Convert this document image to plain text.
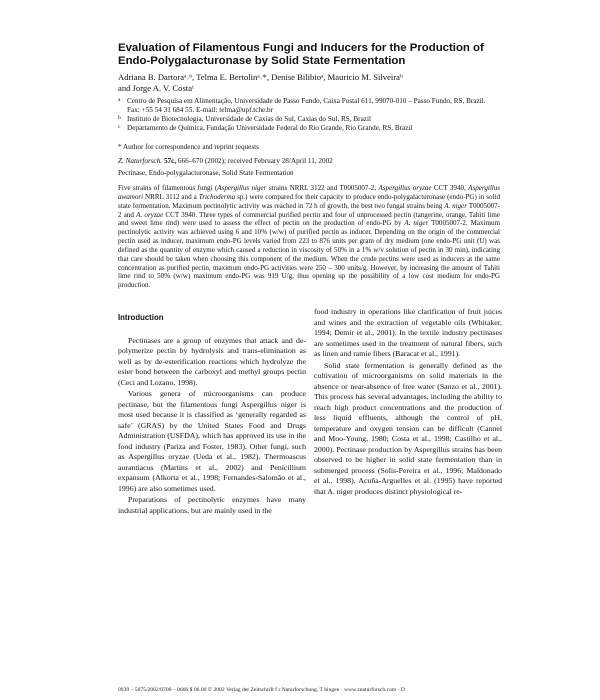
Evaluation of Filamentous Fungi and Inducers for the Production of Endo-Polygalacturonase by Solid State Fermentation
Adriana B. Dartoraᵃ˒ᵇ, Telma E. Bertolinᵃ˒*, Denise Bilibioᵃ, Mauricio M. Silveiraᵇ
and Jorge A. V. Costaᶜ
a Centro de Pesquisa em Alimentação, Universidade de Passo Fundo, Caixa Postal 611, 99070-010 – Passo Fundo, RS, Brazil. Fax: +55 54 31 684 55. E-mail: telma@upf.tche.br
b Instituto de Biotecnologia, Universidade de Caxias do Sul, Caxias do Sul, RS, Brazil
c Departamento de Química, Fundação Universidade Federal do Rio Grande, Rio Grande, RS, Brazil
* Author for correspondence and reprint requests
Z. Naturforsch. 57c, 666–670 (2002); received February 28/April 11, 2002
Pectinase, Endo-polygalacturonase, Solid State Fermentation
Five strains of filamentous fungi (Aspergillus niger strains NRRL 3122 and T0005007-2, Aspergillus oryzae CCT 3940, Aspergillus awamori NRRL 3112 and a Trichoderma sp.) were compared for their capacity to produce endo-polygalacturonase (endo-PG) in solid state fermentation. Maximum pectinolytic activity was reached in 72 h of growth, the best two fungal strains being A. niger T0005007-2 and A. oryzae CCT 3940. Three types of commercial purified pectin and four of unprocessed pectin (tangerine, orange, Tahiti lime and sweet lime rind) were used to assess the effect of pectin on the production of endo-PG by A. niger T0005007-2. Maximum pectinolytic activity was achieved using 6 and 10% (w/w) of purified pectin as inducer. Depending on the origin of the commercial pectin used as inducer, maximum endo-PG levels varied from 223 to 876 units per gram of dry medium (one endo-PG unit (U) was defined as the quantity of enzyme which caused a reduction in viscosity of 50% in a 1% w/v solution of pectin in 30 min), indicating that care should be taken when choosing this component of the medium. When the crude pectins were used as inducers at the same concentration as purified pectin, maximum endo-PG activities were 250 – 300 units/g. However, by increasing the amount of Tahiti lime rind to 50% (w/w) maximum endo-PG was 919 U/g, thus opening up the possibility of a low cost medium for endo-PG production.
Introduction

Pectinases are a group of enzymes that attack and de-polymerize pectin by hydrolysis and trans-elimination as well as by de-esterification reactions which hydrolyze the ester bond between the carboxyl and methyl groups pectin (Ceci and Lozano, 1998).

Various genera of microorganisms can produce pectinase, but the filamentous fungi Aspergillus niger is most used because it is classified as ‘generally regarded as safe’ (GRAS) by the United States Food and Drugs Administration (USFDA), which has approved its use in the food industry (Pariza and Foster, 1983). Other fungi, such as Aspergillus oryzae (Ueda et al., 1982), Thermoascus aurantiacus (Martins et al., 2002) and Penicillium expansum (Alkorta et al., 1998; Fernandes-Salomão et al., 1996) are also sometimes used.

Preparations of pectinolytic enzymes have many industrial applications, but are mainly used in the

food industry in operations like clarification of fruit juices and wines and the extraction of vegetable oils (Whitaker, 1994; Demir et al., 2001). In the textile industry pectinases are sometimes used in the treatment of natural fibers, such as linen and ramie fibers (Baracat et al., 1991).

Solid state fermentation is generally defined as the cultivation of microorganisms on solid materials in the absence or near-absence of free water (Sanzo et al., 2001). This process has several advantages, including the ability to reach high product concentrations and the production of less liquid effluents, although the control of pH, temperature and oxygen tension can be difficult (Cannel and Moo-Young, 1980; Costa et al., 1998; Castilho et al., 2000). Pectinase production by Aspergillus strains has been observed to be higher in solid state fermentation than in submerged process (Solis-Pereira et al., 1996; Maldonado et al., 1998). Acuña-Arguelles et al. (1995) have reported that A. niger produces distinct physiological re-

0939 – 5075/2002/0700 – 0666 $ 06.00 © 2002 Verlag der Zeitschrift f r Naturforschung, T bingen · www.znaturforsch.com · D
